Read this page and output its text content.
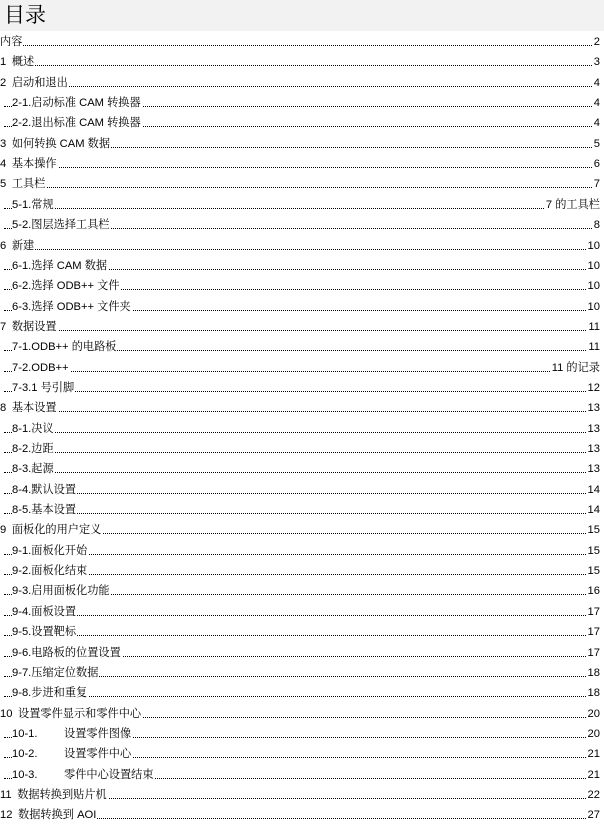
目录
内容	2
1  概述	3
2  启动和退出	4
2-1.启动标准 CAM 转换器	4
2-2.退出标准 CAM 转换器	4
3  如何转换 CAM 数据	5
4  基本操作	6
5  工具栏	7
5-1.常规	7 的工具栏
5-2.图层选择工具栏	8
6  新建	10
6-1.选择 CAM 数据	10
6-2.选择 ODB++ 文件	10
6-3.选择 ODB++ 文件夹	10
7  数据设置	11
7-1.ODB++ 的电路板	11
7-2.ODB++	11 的记录
7-3.1 号引脚	12
8  基本设置	13
8-1.决议	13
8-2.边距	13
8-3.起源	13
8-4.默认设置	14
8-5.基本设置	14
9  面板化的用户定义	15
9-1.面板化开始	15
9-2.面板化结束	15
9-3.启用面板化功能	16
9-4.面板设置	17
9-5.设置靶标	17
9-6.电路板的位置设置	17
9-7.压缩定位数据	18
9-8.步进和重复	18
10  设置零件显示和零件中心	20
10-1. 设置零件图像	20
10-2. 设置零件中心	21
10-3. 零件中心设置结束	21
11  数据转换到贴片机	22
12  数据转换到 AOI	27
